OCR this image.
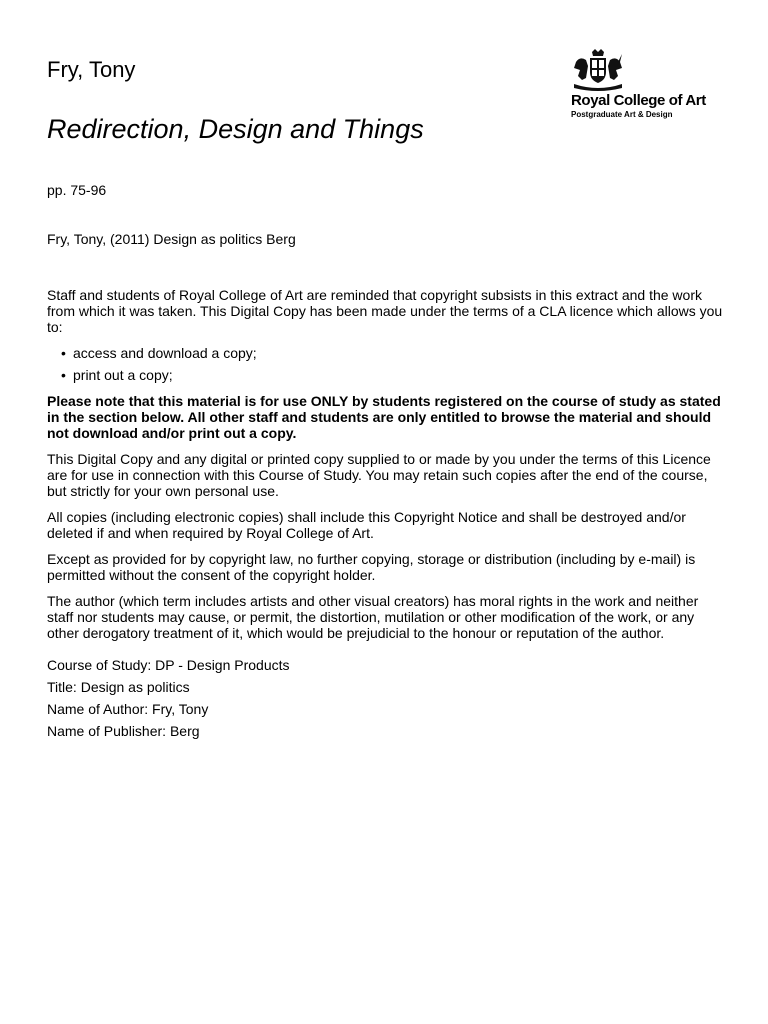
Fry, Tony
Redirection, Design and Things
Royal College of Art
Postgraduate Art & Design
pp. 75-96
Fry, Tony, (2011) Design as politics Berg

Staff and students of Royal College of Art are reminded that copyright subsists in this extract and the work from which it was taken. This Digital Copy has been made under the terms of a CLA licence which allows you to:

• access and download a copy;
• print out a copy;

Please note that this material is for use ONLY by students registered on the course of study as stated in the section below. All other staff and students are only entitled to browse the material and should not download and/or print out a copy.

This Digital Copy and any digital or printed copy supplied to or made by you under the terms of this Licence are for use in connection with this Course of Study. You may retain such copies after the end of the course, but strictly for your own personal use.

All copies (including electronic copies) shall include this Copyright Notice and shall be destroyed and/or deleted if and when required by Royal College of Art.

Except as provided for by copyright law, no further copying, storage or distribution (including by e-mail) is permitted without the consent of the copyright holder.

The author (which term includes artists and other visual creators) has moral rights in the work and neither staff nor students may cause, or permit, the distortion, mutilation or other modification of the work, or any other derogatory treatment of it, which would be prejudicial to the honour or reputation of the author.

Course of Study: DP - Design Products
Title: Design as politics
Name of Author: Fry, Tony
Name of Publisher: Berg
